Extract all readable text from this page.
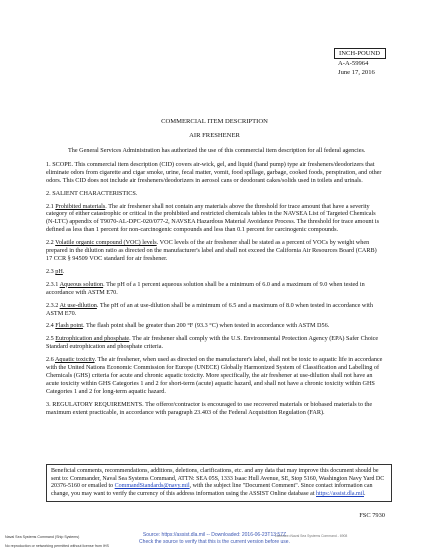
INCH-POUND
A-A-59964
June 17, 2016
COMMERCIAL ITEM DESCRIPTION
AIR FRESHENER

The General Services Administration has authorized the use of this commercial item description for all federal agencies.

1. SCOPE. This commercial item description (CID) covers air-wick, gel, and liquid (hand pump) type air fresheners/deodorizers that eliminate odors from cigarette and cigar smoke, urine, fecal matter, vomit, food spillage, garbage, cooked foods, perspiration, and other odors. This CID does not include air fresheners/deodorizers in aerosol cans or deodorant cakes/solids used in toilets and urinals.

2. SALIENT CHARACTERISTICS.

2.1 Prohibited materials. The air freshener shall not contain any materials above the threshold for trace amount that have a severity category of either catastrophic or critical in the prohibited and restricted chemicals tables in the NAVSEA List of Targeted Chemicals (N-LTC) appendix of T9070-AL-DPC-020/077-2, NAVSEA Hazardous Material Avoidance Process. The threshold for trace amount is defined as less than 1 percent for non-carcinogenic compounds and less than 0.1 percent for carcinogenic compounds.

2.2 Volatile organic compound (VOC) levels. VOC levels of the air freshener shall be stated as a percent of VOCs by weight when prepared in the dilution ratio as directed on the manufacturer's label and shall not exceed the California Air Resources Board (CARB) 17 CCR § 94509 VOC standard for air freshener.

2.3 pH.

2.3.1 Aqueous solution. The pH of a 1 percent aqueous solution shall be a minimum of 6.0 and a maximum of 9.0 when tested in accordance with ASTM E70.

2.3.2 At use-dilution. The pH of an at use-dilution shall be a minimum of 6.5 and a maximum of 8.0 when tested in accordance with ASTM E70.

2.4 Flash point. The flash point shall be greater than 200 °F (93.3 °C) when tested in accordance with ASTM D56.

2.5 Eutrophication and phosphate. The air freshener shall comply with the U.S. Environmental Protection Agency (EPA) Safer Choice Standard eutrophication and phosphate criteria.

2.6 Aquatic toxicity. The air freshener, when used as directed on the manufacturer's label, shall not be toxic to aquatic life in accordance with the United Nations Economic Commission for Europe (UNECE) Globally Harmonized System of Classification and Labelling of Chemicals (GHS) criteria for acute and chronic aquatic toxicity. More specifically, the air freshener at use-dilution shall not have an acute toxicity within GHS Categories 1 and 2 for short-term (acute) aquatic hazard, and shall not have a chronic toxicity within GHS Categories 1 and 2 for long-term aquatic hazard.

3. REGULATORY REQUIREMENTS. The offeror/contractor is encouraged to use recovered materials or biobased materials to the maximum extent practicable, in accordance with paragraph 23.403 of the Federal Acquisition Regulation (FAR).

Beneficial comments, recommendations, additions, deletions, clarifications, etc. and any data that may improve this document should be sent to: Commander, Naval Sea Systems Command, ATTN: SEA 05S, 1333 Isaac Hull Avenue, SE, Stop 5160, Washington Navy Yard DC 20376-5160 or emailed to CommandStandards@navy.mil, with the subject line "Document Comment". Since contact information can change, you may want to verify the currency of this address information using the ASSIST Online database at https://assist.dla.mil.
FSC 7930
Naval Sea Systems Command (Ship Systems)
No reproduction or networking permitted without license from IHS
Source: https://assist.dla.mil -- Downloaded: 2016-06-23T13:57Z
Check the source to verify that this is the current version before use.
Licensee=Naval Sea Systems Command - 6908
